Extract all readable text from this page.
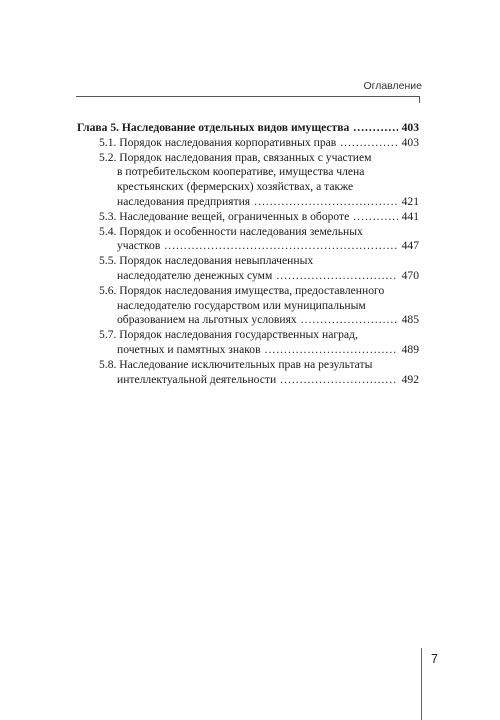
Оглавление
Глава 5. Наследование отдельных видов имущества .....	403
5.1. Порядок наследования корпоративных прав .....	403
5.2. Порядок наследования прав, связанных с участием
в потребительском кооперативе, имущества члена
крестьянских (фермерских) хозяйствах, а также
наследования предприятия .....	421
5.3. Наследование вещей, ограниченных в обороте .....	441
5.4. Порядок и особенности наследования земельных
участков .....	447
5.5. Порядок наследования невыплаченных
наследодателю денежных сумм .....	470
5.6. Порядок наследования имущества, предоставленного
наследодателю государством или муниципальным
образованием на льготных условиях .....	485
5.7. Порядок наследования государственных наград,
почетных и памятных знаков .....	489
5.8. Наследование исключительных прав на результаты
интеллектуальной деятельности .....	492
7
